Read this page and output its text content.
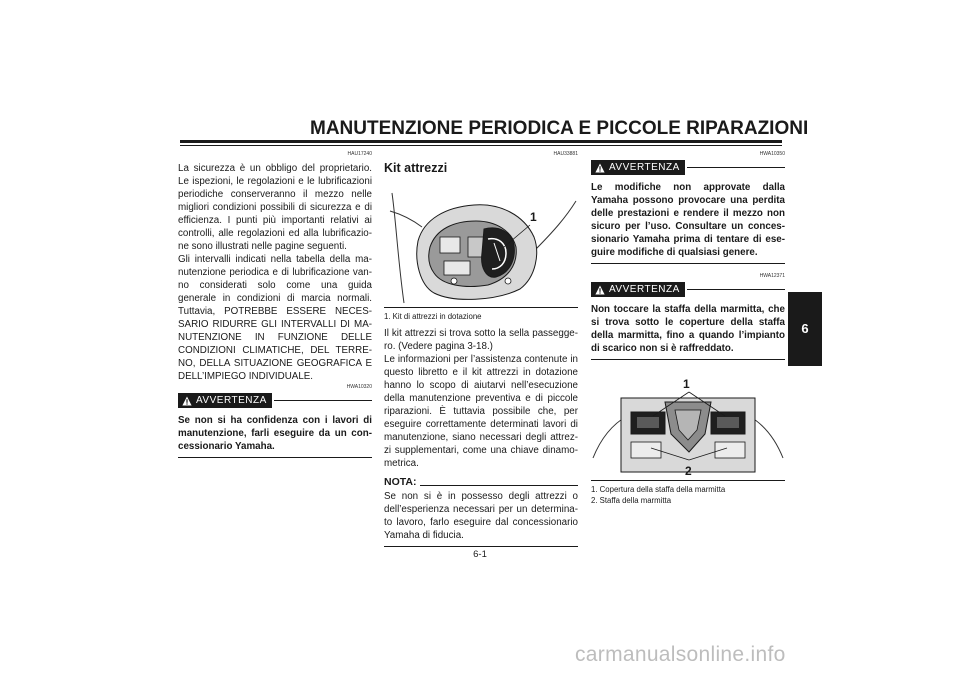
MANUTENZIONE PERIODICA E PICCOLE RIPARAZIONI
6
HAU17240

La sicurezza è un obbligo del proprietario. Le ispezioni, le regolazioni e le lubrificazioni periodiche conserveranno il mezzo nelle migliori condizioni possibili di sicurezza e di efficienza. I punti più importanti relativi ai controlli, alle regolazioni ed alla lubrificazio-ne sono illustrati nelle pagine seguenti.

Gli intervalli indicati nella tabella della ma-nutenzione periodica e di lubrificazione van-no considerati solo come una guida generale in condizioni di marcia normali. Tuttavia, POTREBBE ESSERE NECES-SARIO RIDURRE GLI INTERVALLI DI MA-NUTENZIONE IN FUNZIONE DELLE CONDIZIONI CLIMATICHE, DEL TERRE-NO, DELLA SITUAZIONE GEOGRAFICA E DELL’IMPIEGO INDIVIDUALE.

HWA10320
AVVERTENZA

Se non si ha confidenza con i lavori di manutenzione, farli eseguire da un con-cessionario Yamaha.

HAU33881
Kit attrezzi
1
1. Kit di attrezzi in dotazione

Il kit attrezzi si trova sotto la sella passegge-ro. (Vedere pagina 3-18.)

Le informazioni per l’assistenza contenute in questo libretto e il kit attrezzi in dotazione hanno lo scopo di aiutarvi nell’esecuzione della manutenzione preventiva e di piccole riparazioni. È tuttavia possibile che, per eseguire correttamente determinati lavori di manutenzione, siano necessari degli attrez-zi supplementari, come una chiave dinamo-metrica.

NOTA:

Se non si è in possesso degli attrezzi o dell’esperienza necessari per un determina-to lavoro, farlo eseguire dal concessionario Yamaha di fiducia.

HWA10350
AVVERTENZA

Le modifiche non approvate dalla Yamaha possono provocare una perdita delle prestazioni e rendere il mezzo non sicuro per l’uso. Consultare un conces-sionario Yamaha prima di tentare di ese-guire modifiche di qualsiasi genere.

HWA12371
AVVERTENZA

Non toccare la staffa della marmitta, che si trova sotto le coperture della staffa della marmitta, fino a quando l’impianto di scarico non si è raffreddato.

1
2
1. Copertura della staffa della marmitta
2. Staffa della marmitta
6-1
carmanualsonline.info
